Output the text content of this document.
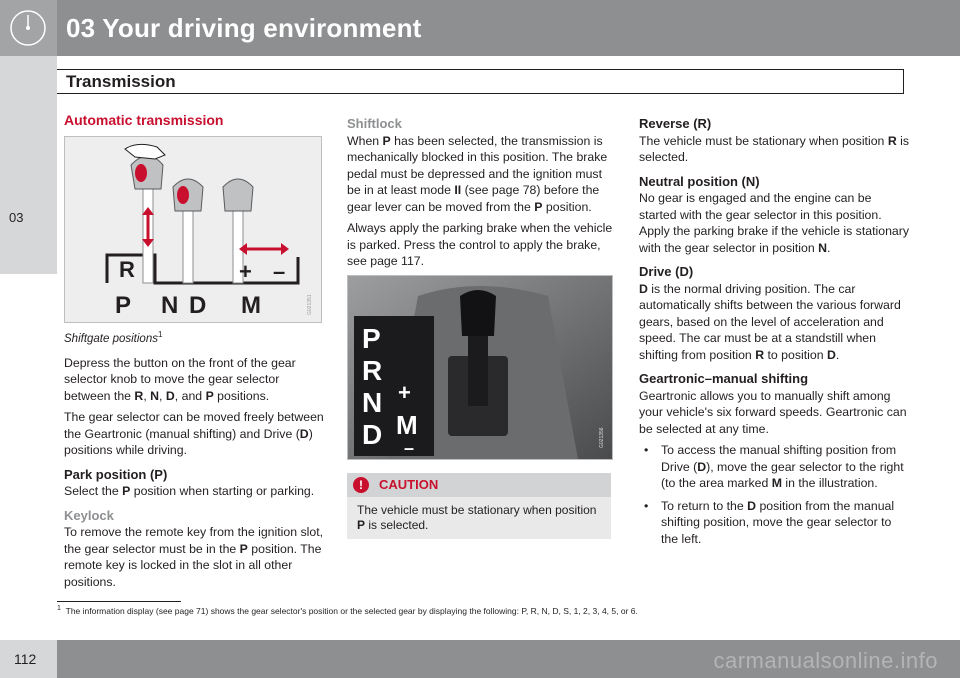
03 Your driving environment
Transmission
03
Automatic transmission
R	+ –
P N D M	G021351
Shiftgate positions$^1$

Depress the button on the front of the gear selector knob to move the gear selector between the R, N, D, and P positions.

The gear selector can be moved freely between the Geartronic (manual shifting) and Drive (D) positions while driving.

Park position (P)

Select the P position when starting or parking.

Keylock

To remove the remote key from the ignition slot, the gear selector must be in the P position. The remote key is locked in the slot in all other positions.

Shiftlock

When P has been selected, the transmission is mechanically blocked in this position. The brake pedal must be depressed and the ignition must be in at least mode II (see page 78) before the gear lever can be moved from the P position.

Always apply the parking brake when the vehicle is parked. Press the control to apply the brake, see page 117.

P
R
N
D
+
M
–	G021356
!	CAUTION
The vehicle must be stationary when position P is selected.
Reverse (R)

The vehicle must be stationary when position R is selected.

Neutral position (N)

No gear is engaged and the engine can be started with the gear selector in this position. Apply the parking brake if the vehicle is stationary with the gear selector in position N.

Drive (D)

D is the normal driving position. The car automatically shifts between the various forward gears, based on the level of acceleration and speed. The car must be at a standstill when shifting from position R to position D.

Geartronic–manual shifting

Geartronic allows you to manually shift among your vehicle's six forward speeds. Geartronic can be selected at any time.

• To access the manual shifting position from Drive (D), move the gear selector to the right (to the area marked M in the illustration.
• To return to the D position from the manual shifting position, move the gear selector to the left.
$^1$ The information display (see page 71) shows the gear selector's position or the selected gear by displaying the following: P, R, N, D, S, 1, 2, 3, 4, 5, or 6.
112	carmanualsonline.info
